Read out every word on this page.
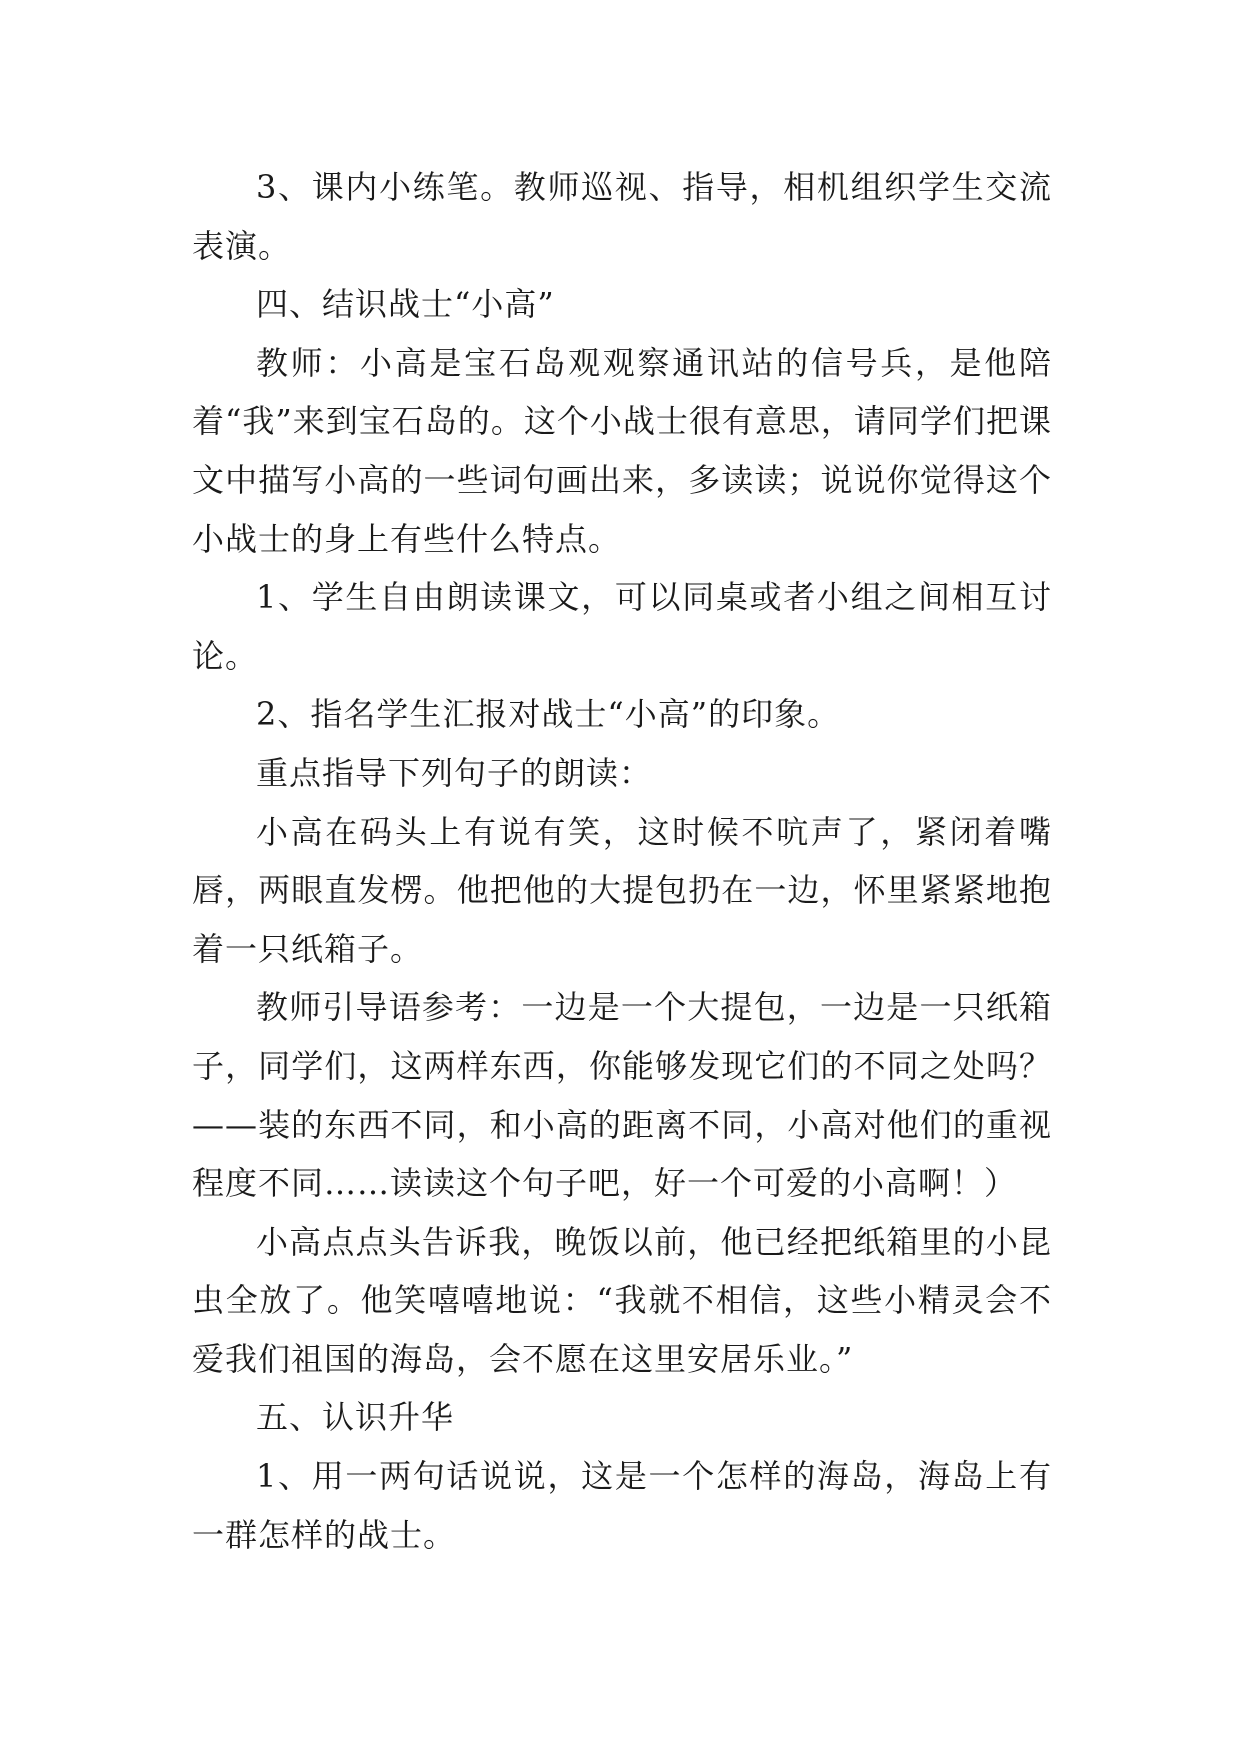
3、课内小练笔。教师巡视、指导，相机组织学生交流表演。

四、结识战士“小高”

教师：小高是宝石岛观观察通讯站的信号兵，是他陪着“我”来到宝石岛的。这个小战士很有意思，请同学们把课文中描写小高的一些词句画出来，多读读；说说你觉得这个小战士的身上有些什么特点。

1、学生自由朗读课文，可以同桌或者小组之间相互讨论。

2、指名学生汇报对战士“小高”的印象。

重点指导下列句子的朗读：

小高在码头上有说有笑，这时候不吭声了，紧闭着嘴唇，两眼直发楞。他把他的大提包扔在一边，怀里紧紧地抱着一只纸箱子。

教师引导语参考：一边是一个大提包，一边是一只纸箱子，同学们，这两样东西，你能够发现它们的不同之处吗？——装的东西不同，和小高的距离不同，小高对他们的重视程度不同……读读这个句子吧，好一个可爱的小高啊！）

小高点点头告诉我，晚饭以前，他已经把纸箱里的小昆虫全放了。他笑嘻嘻地说：“我就不相信，这些小精灵会不爱我们祖国的海岛，会不愿在这里安居乐业。”

五、认识升华

1、用一两句话说说，这是一个怎样的海岛，海岛上有一群怎样的战士。
